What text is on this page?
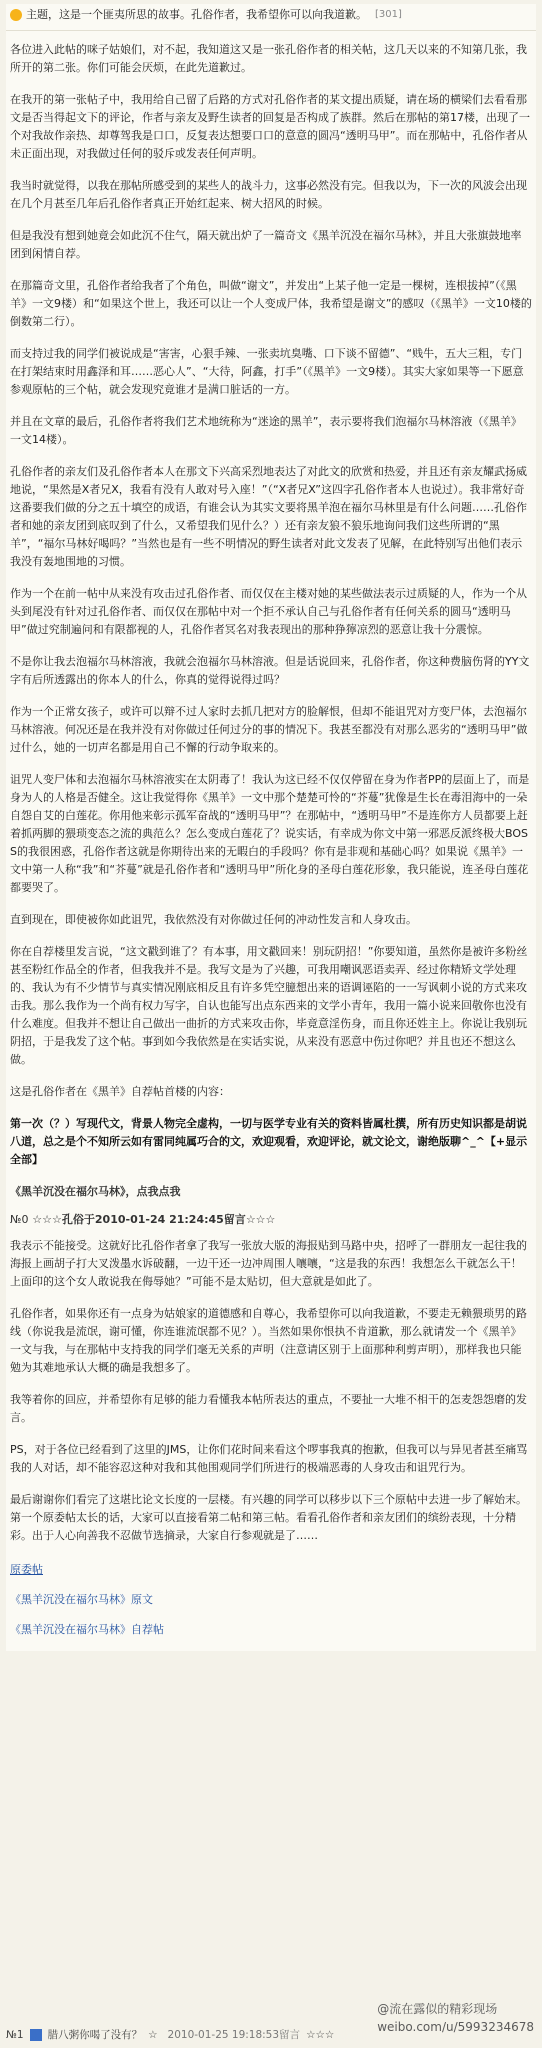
主题，这是一个匪夷所思的故事。孔俗作者，我希望你可以向我道歉。 [301]

各位进入此帖的咪子姑娘们，对不起，我知道这又是一张孔俗作者的相关帖，这几天以来的不知第几张，我所开的第二张。你们可能会厌烦，在此先道歉过。

在我开的第一张帖子中，我用给自己留了后路的方式对孔俗作者的某文提出质疑，请在场的横梁们去看看那文是否当得起文下的评论，作者与亲友及野生读者的回复是否构成了族群。然后在那帖的第17楼，出现了一个对我故作亲热、却尊驾我是口口，反复表达想要口口的意意的圆冯“透明马甲”。而在那帖中，孔俗作者从未正面出现，对我做过任何的驳斥或发表任何声明。

我当时就觉得，以我在那帖所感受到的某些人的战斗力，这事必然没有完。但我以为，下一次的风波会出现在几个月甚至几年后孔俗作者真正开始红起来、树大招风的时候。

但是我没有想到她竟会如此沉不住气，隔天就出炉了一篇奇文《黑羊沉没在福尔马林》，并且大张旗鼓地率团到闲情自荐。

在那篇奇文里，孔俗作者给我者了个角色，叫做“谢文”，并发出“上某子他一定是一棵树，连根拔掉”（《黑羊》一文9楼）和“如果这个世上，我还可以让一个人变成尸体，我希望是谢文”的感叹（《黑羊》一文10楼的倒数第二行）。

而支持过我的同学们被说成是“害害，心狠手辣、一张卖坑臭嘴、口下谈不留德”、“贱牛，五大三粗，专门在打架结束时用鑫泽和耳……恶心人”、“大待，阿鑫，打手”（《黑羊》一文9楼）。其实大家如果等一下愿意参观原帖的三个帖，就会发现究竟谁才是满口脏话的一方。

并且在文章的最后，孔俗作者将我们艺术地统称为“迷途的黑羊”，表示要将我们泡福尔马林溶液（《黑羊》一文14楼）。

孔俗作者的亲友们及孔俗作者本人在那文下兴高采烈地表达了对此文的欣赏和热爱，并且还有亲友耀武扬威地说，“果然是X者兄X，我看有没有人敢对号入座！”（“X者兄X”这四字孔俗作者本人也说过）。我非常好奇这番要我们做的分之五十填空的成语，有谁会认为其实文要将黑羊泡在福尔马林里是有什么问题……孔俗作者和她的亲友团到底叹到了什么，又希望我们见什么？）还有亲友狼不狼乐地询问我们这些所谓的“黑羊”，“福尔马林好喝吗？”当然也是有一些不明情况的野生读者对此文发表了见解，在此特别写出他们表示我没有轰地围地的习惯。

作为一个在前一帖中从来没有攻击过孔俗作者、而仅仅在主楼对她的某些做法表示过质疑的人，作为一个从头到尾没有针对过孔俗作者、而仅仅在那帖中对一个拒不承认自己与孔俗作者有任何关系的圆马“透明马甲”做过究制遍问和有限都视的人，孔俗作者冥名对我表现出的那种狰獰凉烈的恶意让我十分震惊。

不是你让我去泡福尔马林溶液，我就会泡福尔马林溶液。但是话说回来，孔俗作者，你这种费脑伤肾的YY文字有后所透露出的你本人的什么，你真的觉得说得过吗？

作为一个正常女孩子，或许可以辩不过人家时去抓几把对方的脸解恨，但却不能诅咒对方变尸体，去泡福尔马林溶液。何况还是在我并没有对你做过任何过分的事的情况下。我甚至都没有对那么恶劣的“透明马甲”做过什么，她的一切声名都是用自己不懈的行动争取来的。

诅咒人变尸体和去泡福尔马林溶液实在太阴毒了！我认为这已经不仅仅停留在身为作者PP的层面上了，而是身为人的人格是否健全。这让我觉得你《黑羊》一文中那个楚楚可怜的“芥蔓”犹像是生长在毒泪海中的一朵自怨自艾的白莲花。你用他来彰示孤军奋战的“透明马甲”？在那帖中，“透明马甲”不是连你方人员都要上赶着抓两脚的猥琐变态之流的典范么？怎么变成白莲花了？说实话，有幸成为你文中第一邪恶反派终极大BOSS的我很困惑，孔俗作者这就是你期待出来的无暇白的手段吗？你有是非观和基础心吗？如果说《黑羊》一文中第一人称“我”和“芥蔓”就是孔俗作者和“透明马甲”所化身的圣母白莲花形象，我只能说，连圣母白莲花都要哭了。

直到现在，即使被你如此诅咒，我依然没有对你做过任何的冲动性发言和人身攻击。

你在自荐楼里发言说，“这文戳到谁了？有本事，用文戳回来！别玩阴招！”你要知道，虽然你是被许多粉丝甚至粉红作品全的作者，但我我并不是。我写文是为了兴趣，可我用嘲讽恶语卖弄、经过你精矫文学处理的、我认为有不少情节与真实情况刚底相反且有许多凭空臆想出来的语调诬陷的一一写讽刺小说的方式来攻击我。那么我作为一个尚有权力写字，自认也能写出点东西来的文学小青年，我用一篇小说来回敬你也没有什么难度。但我并不想让自己做出一曲折的方式来攻击你，毕竟意淫伤身，而且你还姓主上。你说让我别玩阴招，于是我发了这个帖。事到如今我依然是在实话实说，从来没有恶意中伤过你吧？并且也还不想这么做。

这是孔俗作者在《黑羊》自荐帖首楼的内容：

第一次（？）写现代文，背景人物完全虚构，一切与医学专业有关的资料皆属杜撰，所有历史知识都是胡说八道，总之是个不知所云如有雷同纯属巧合的文，欢迎观看，欢迎评论，就文论文，谢绝版聊^_^【+显示全部】

《黑羊沉没在福尔马林》，点我点我
№0 ☆☆☆孔俗于2010-01-24 21:24:45留言☆☆☆

我表示不能接受。这就好比孔俗作者拿了我写一张放大版的海报贴到马路中央，招呼了一群朋友一起往我的海报上画胡子打大叉泼墨水诉破翻，一边干还一边冲周围人嚷嚷，“这是我的东西！我想怎么干就怎么干！上面印的这个女人敢说我在侮辱她？”可能不是太贴切，但大意就是如此了。

孔俗作者，如果你还有一点身为姑娘家的道德感和自尊心，我希望你可以向我道歉，不要走无赖猥琐男的路线（你说我是流氓，谢可懂，你连谁流氓都不见？）。当然如果你恨执不肯道歉，那么就请发一个《黑羊》一文与我，与在那帖中支持我的同学们毫无关系的声明（注意请区别于上面那种利剪声明），那样我也只能勉为其难地承认大概的确是我想多了。

我等着你的回应，并希望你有足够的能力看懂我本帖所表达的重点，不要扯一大堆不相干的怎麦怨怨磨的发言。

PS，对于各位已经看到了这里的JMS，让你们花时间来看这个啰事我真的抱歉，但我可以与异见者甚至痛骂我的人对话，却不能容忍这种对我和其他围观同学们所进行的极端恶毒的人身攻击和诅咒行为。

最后谢谢你们看完了这堪比论文长度的一层楼。有兴趣的同学可以移步以下三个原帖中去进一步了解始末。第一个原委帖太长的话，大家可以直接看第二帖和第三帖。看看孔俗作者和亲友团们的缤纷表现，十分精彩。出于人心向善我不忍做节选摘录，大家自行参观就是了……

原委帖
《黑羊沉没在福尔马林》原文
《黑羊沉没在福尔马林》自荐帖
№1 腊八粥你喝了没有？ ☆ 2010-01-25 19:18:53留言 ☆☆☆
@流在露似的精彩现场
weibo.com/u/5993234678
